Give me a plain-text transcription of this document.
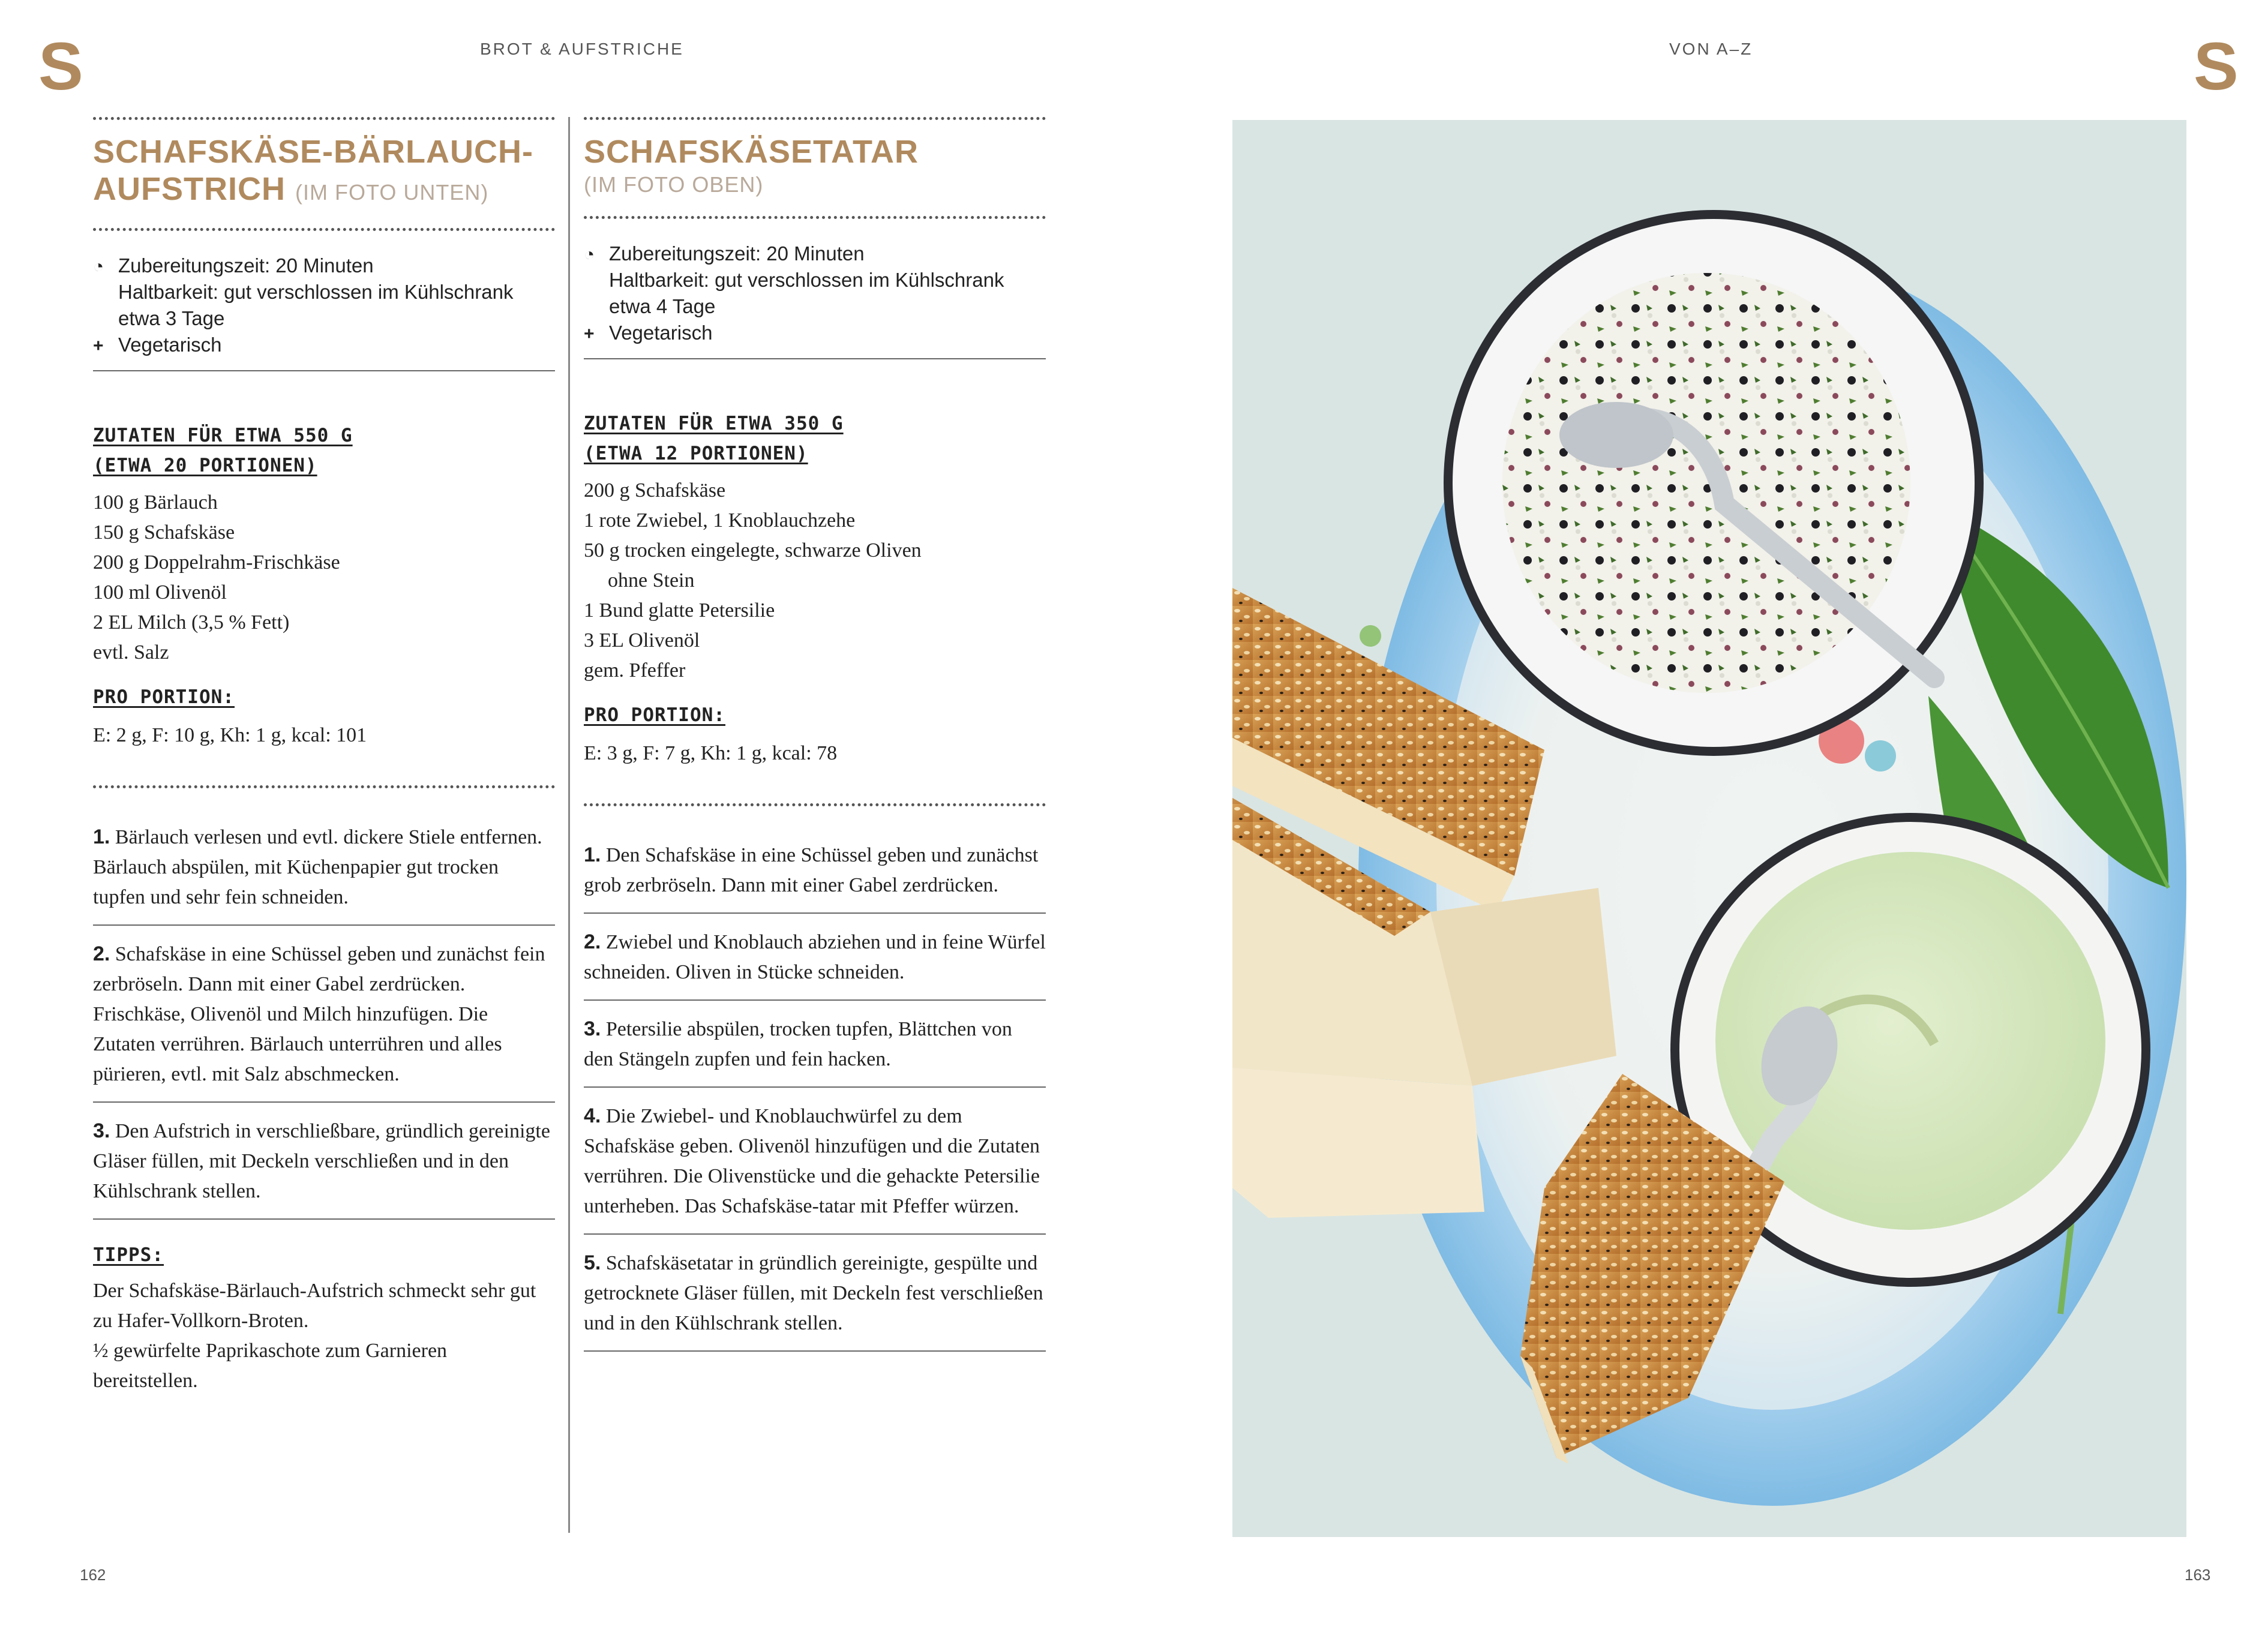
S	BROT & AUFSTRICHE
SCHAFSKÄSE-BÄRLAUCH-
AUFSTRICH (IM FOTO UNTEN)
◔ Zubereitungszeit: 20 Minuten
Haltbarkeit: gut verschlossen im Kühlschrank
etwa 3 Tage
+ Vegetarisch
ZUTATEN FÜR ETWA 550 G
(ETWA 20 PORTIONEN)
100 g Bärlauch
150 g Schafskäse
200 g Doppelrahm-Frischkäse
100 ml Olivenöl
2 EL Milch (3,5 % Fett)
evtl. Salz
PRO PORTION:
E: 2 g, F: 10 g, Kh: 1 g, kcal: 101
1. Bärlauch verlesen und evtl. dickere Stiele entfernen. Bärlauch abspülen, mit Küchenpapier gut trocken tupfen und sehr fein schneiden.
2. Schafskäse in eine Schüssel geben und zunächst fein zerbröseln. Dann mit einer Gabel zerdrücken. Frischkäse, Olivenöl und Milch hinzufügen. Die Zutaten verrühren. Bärlauch unterrühren und alles pürieren, evtl. mit Salz abschmecken.
3. Den Aufstrich in verschließbare, gründlich gereinigte Gläser füllen, mit Deckeln verschließen und in den Kühlschrank stellen.
TIPPS:
Der Schafskäse-Bärlauch-Aufstrich schmeckt sehr gut zu Hafer-Vollkorn-Broten.
½ gewürfelte Paprikaschote zum Garnieren bereitstellen.
SCHAFSKÄSETATAR
(IM FOTO OBEN)
◔ Zubereitungszeit: 20 Minuten
Haltbarkeit: gut verschlossen im Kühlschrank
etwa 4 Tage
+ Vegetarisch
ZUTATEN FÜR ETWA 350 G
(ETWA 12 PORTIONEN)
200 g Schafskäse
1 rote Zwiebel, 1 Knoblauchzehe
50 g trocken eingelegte, schwarze Oliven
ohne Stein
1 Bund glatte Petersilie
3 EL Olivenöl
gem. Pfeffer
PRO PORTION:
E: 3 g, F: 7 g, Kh: 1 g, kcal: 78
1. Den Schafskäse in eine Schüssel geben und zunächst grob zerbröseln. Dann mit einer Gabel zerdrücken.
2. Zwiebel und Knoblauch abziehen und in feine Würfel schneiden. Oliven in Stücke schneiden.
3. Petersilie abspülen, trocken tupfen, Blättchen von den Stängeln zupfen und fein hacken.
4. Die Zwiebel- und Knoblauchwürfel zu dem Schafskäse geben. Olivenöl hinzufügen und die Zutaten verrühren. Die Olivenstücke und die gehackte Petersilie unterheben. Das Schafskäse-tatar mit Pfeffer würzen.
5. Schafskäsetatar in gründlich gereinigte, gespülte und getrocknete Gläser füllen, mit Deckeln fest verschließen und in den Kühlschrank stellen.
162
VON A–Z	S
163
